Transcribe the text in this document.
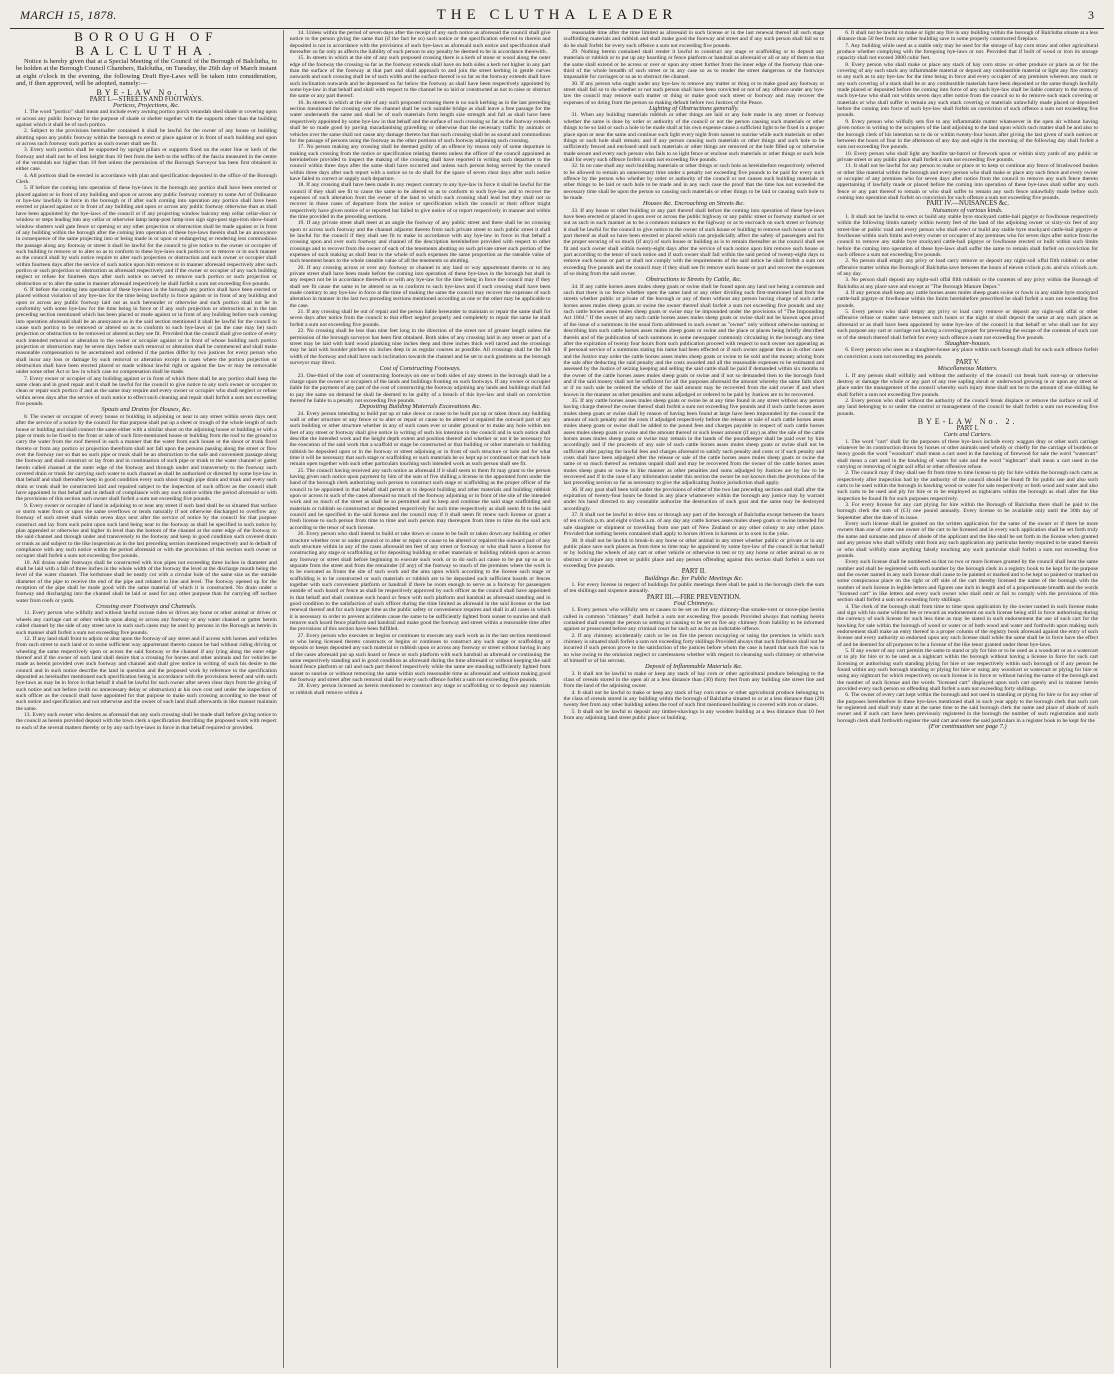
MARCH 15, 1878.	THE CLUTHA LEADER	3

BOROUGH OF BALCLUTHA.

Notice is hereby given that at a Special Meeting of the Council of the Borough of Balclutha, to be holden at the Borough Council Chambers, Balclutha, on Tuesday, the 26th day of March instant at eight o'clock in the evening, the following Draft Bye-Laws will be taken into consideration, and, if then approved, will be adopted, namely:—

BYE-LAW No. 1.

PART I.—STREETS AND FOOTWAYS.

Porticos, Projections, &c.

1. The word "portico" shall mean and include every awning portico porch verandah shed shade or covering upon or across any public footway for the purpose of shade or shelter together with the supports other than the building against which it shall be of such portico.

2. Subject to the provisions hereinafter contained it shall be lawful for the owner of any house or building abutting upon any public footway within the borough to erect or place against or in front of such building and upon or across such footway such portico as such owner shall see fit.

3. Every such portico shall be supported by upright pillars or supports fixed on the outer line or kerb of the footway and shall not be of less height than 10 feet from the kerb to the soffits of the fascia measured in the centre of the verandah nor higher than 10 feet unless the permission of the Borough Surveyor has been first obtained in either case.

4. All porticos shall be erected in accordance with plan and specification deposited in the office of the Borough Clerk.

5. If before the coming into operation of these bye-laws in the borough any portico shall have been erected or placed against or in front of any building and upon or across any public footway contrary to some Act of Ordinance or bye-law lawfully in force in the borough or if after such coming into operation any portico shall have been erected or placed against or in front of any building and upon or across any public footway otherwise than as shall have been appointed by the bye-laws of the council or if any projecting window balcony step cellar cellar-door or window or steps leading into any cellar or otherwise lamp lamp-post lamp-iron sign sign-post sign-iron show-board window shutters wall gate fence or opening or any other projection or obstruction shall be made against or in front of any building within the borough after the coming into operation of these bye-laws therein shall be an annoyance in consequence of the same projecting into or being made in or upon or endangering or rendering less commodious the passage along any footway or street it shall be lawful for the council to give notice to the owner or occupier of such building to remove or to alter so as to conform to these bye-laws such portico or to remove or in such manner as the council shall by such notice require to alter such projection or obstruction and such owner or occupier shall within fourteen days after the service of such notice upon him remove or in manner aforesaid respectively alter such portico or such projection or obstruction as aforesaid respectively and if the owner or occupier of any such building neglect or refuse for fourteen days after such notice so served to remove such portico or such projection or obstruction or to alter the same in manner aforesaid respectively he shall forfeit a sum not exceeding five pounds.

6. If before the coming into operation of these bye-laws in the borough any portico shall have been erected or placed without violation of any bye-law for the time being lawfully in force against or in front of any building and upon or across any public footway laid out as such hereunder or otherwise and such portico shall not be in conformity with some bye-law for the time being in force or if any such projection or obstruction as in the last preceding section mentioned which has been placed or made against or in front of any building before such coming into operation aforesaid shall be an annoyance as in the said section mentioned it shall be lawful for the council to cause such portico to be removed or altered so as to conform to such bye-laws or (as the case may be) such projection or obstruction to be removed or altered as they see fit. Provided that the council shall give notice of every such intended removal or alteration to the owner or occupier against or in front of whose building such portico projection or obstruction may be seven days before such removal or alteration shall be commenced and shall make reasonable compensation to be ascertained and ordered if the parties differ by two justices for every person who shall incur any loss or damage by such removal or alteration except in cases where the portico projection or obstruction shall have been erected placed or made without lawful right or against the law or may be removable under some other Act or law in which case no compensation shall be made.

7. Every owner or occupier of any building against or in front of which there shall be any portico shall keep the same clean and in good repair and it shall be lawful for the council to give notice to any such owner or occupier to clean or repair such portico if and as the same may require and every owner or occupier who shall neglect or refuse within seven days after the service of such notice to effect such cleaning and repair shall forfeit a sum not exceeding five pounds.

Spouts and Drains for Houses, &c.

8. The owner or occupier of every house or building in adjoining or near to any street within seven days next after the service of a notice by the council for that purpose shall put up a sheet or trough of the whole length of such house or building and shall connect the same either with a similar shoot on the adjoining house or building or with a pipe or trunk to be fixed to the front or side of such first-mentioned house or building from the roof to the ground to carry the water from the roof thereof in such a manner that the water from such house or the shoot or trunk fixed thereto or from any portico or projection therefrom shall not fall upon the persons passing along the street or flow over the footway nor so that no such pipe or trunk shall be an obstruction to the safe and convenient passage along the footway and shall construct or lay from and in continuation of such pipe or trunk to the water channel or gutter herein called channel at the outer edge of the footway and through under and transversely to the footway such covered drain or trunk for carrying such water to such channel as shall be authorised or directed by some bye-law in that behalf and shall thereafter keep in good condition every such shoot trough pipe drain and trunk and every such drain or trunk shall be constructed laid and repaired subject to the inspection of such officer as the council shall have appointed in that behalf and in default of compliance with any such notice within the period aforesaid or with the provisions of this section such owner shall forfeit a sum not exceeding five pounds.

9. Every owner or occupier of land in adjoining to or near any street if such land shall be so situated that surface or storm water from or upon the same overflows or tends naturally if not otherwise discharged to overflow any footway of such street shall within seven days next after the service of notice by the council for that purpose construct and lay from such point upon such land being near to the footway as shall be specified in such notice by plan appended or otherwise and higher in level than the bottom of the channel at the outer edge of the footway to the said channel and through under and transversely to the footway and keep in good condition such covered drain or trunk as and subject to the like inspection as in the last preceding section mentioned respectively and in default of compliance with any such notice within the period aforesaid or with the provisions of this section such owner or occupier shall forfeit a sum not exceeding five pounds.

10. All drains under footways shall be constructed with iron pipes not exceeding three inches in diameter and shall be laid with a fall of three inches in the whole width of the footway the level at the discharge mouth being the level of the water channel. The kerbstone shall be neatly cut with a circular hole of the same size as the outside diameter of the pipe to receive the end of the pipe and rebated to line and level. The footway opened up for the reception of the pipe shall be made good with the same material of which it is constructed. No drain under a footway and discharging into the channel shall be laid or used for any other purpose than for carrying off surface water from roofs or yards.

Crossing over Footways and Channels.

11. Every person who wilfully and without lawful excuse rides or drives any horse or other animal or drives or wheels any carriage cart or other vehicle upon along or across any footway or any water channel or gutter herein called channel by the side of any street save in such such cases may be used by persons in the Borough as herein in such manner shall forfeit a sum not exceeding five pounds.

12. If any land shall front to adjoin or abut upon the footway of any street and if access with horses and vehicles from such street to such land or to some sufficient way appurtenant thereto cannot be had without riding driving or wheeling the same respectively upon or across the said footway or the channel if any lying along the outer edge thereof and if the owner of such land shall desire that a crossing for horses and other animals and for vehicles be made as herein provided over such footway and channel and shall give notice in writing of such his desire to the council and in such notice describe the land in question and the proposed work by reference to the specification deposited as hereinafter mentioned such specification being in accordance with the provisions hereof and with such bye-laws as may be in force in that behalf it shall be lawful for such owner after seven clear days from the giving of such notice and not before (with no unnecessary delay or obstruction) at his own cost and under the inspection of such officer as the council shall have appointed for that purpose to make such crossing according to the tenor of such notice and specification and not otherwise and the owner of such land shall afterwards in like manner maintain the same.

13. Every such owner who desires as aforesaid that any such crossing shall be made shall before giving notice to the council as herein provided deposit with the town clerk a specification describing the proposed work with respect to each of the several matters thereby or by any such bye-laws in force in that behalf required or provided.

14. Unless within the period of seven days after the receipt of any such notice as aforesaid the council shall give notice to the person giving the same that (if the fact be so) such notice or the specification referred to therein and deposited is not in accordance with the provisions of such bye-laws as aforesaid such notice and specification shall thereafter so far only as affects the liability of such person to any penalty be deemed to be in accordance therewith.

15. In streets in which at the site of any such proposed crossing there is a kerb of stone or wood along the outer edge of the footway the crossing so far as the footway extends shall have on both sides a kerb not higher in any part than the surface of the footway at that part and shall approach to and join the street kerbing in gentle curves outwards and such crossing shall be of such width and the surface thereof is so far as the footway extends shall have such inclination outwards and be depressed so far below the footway as shall have been respectively appointed by some bye-law in that behalf and shall with respect to the channel be so laid or constructed as not to raise or obstruct the same or any part thereof.

16. In streets in which at the site of any such proposed crossing there is no such kerbing as in the last preceding section mentioned the crossing over the channel shall be such suitable bridge as shall leave a free passage for the water underneath the same and shall be of such materials form length size strength and fall as shall have been respectively appointed by some bye-law in that behalf and the surface of such crossing so far as the footway extends shall be so made good by paving macadamising gravelling or otherwise that the necessary traffic by animals or vehicles over the same shall not cause any damage thereto but that such crossing shall be as sound and commodious for the passage of persons using the footway as the other portions of such footway adjoining such crossing.

17. No person making any crossing shall be deemed guilty of an offence by reason only of some departure in making such crossing from the notice or specification relating thereto unless the officer of the council appointed as hereinbefore provided to inspect the making of the crossing shall have reported in writing such departure to the council within three days after the same shall have occurred and unless such person being served by the council within three days after such report with a notice so to do shall for the space of seven clear days after such notice have failed to correct or supply such departure.

18. If any crossing shall have been made in any respect contrary to any bye-law in force it shall be lawful for the council if they shall see fit to cause the same to be altered so as to conform to such bye-law and to recover the expenses of such alteration from the owner of the land to which such crossing shall lead but they shall not so recover in those cases of departure from the notice or specification which the council or their officer might respectively have given notice of or reported but failed to give notice of or report respectively in manner and within the time provided in the preceding sections.

19. If any private street shall meet at an angle the footway of any public street and there shall be no crossing upon or across such footway and the channel adjacent thereto from such private street to such public street it shall be lawful for the council if they shall see fit to make in accordance with any bye-law in force in that behalf a crossing upon and over such footway and channel of the description hereinbefore provided with respect to other crossings and to recover from the owner of each of the tenements abutting on such private street such portion of the expenses of such making as shall bear to the whole of such expenses the same proportion as the rateable value of such tenement bears to the whole rateable value of all the tenements so abutting.

20. If any crossing across or over any footway or channel to any land or way appurtenant thereto or to any private street shall have been made before the coming into operation of these bye-laws in the borough but shall in any respect not be in accordance therewith or with any bye-law for the time being in force the council may if they shall see fit cause the same to be altered so as to conform to such bye-laws and if such crossing shall have been made contrary to any bye-law in force at the time of making the same the council may recover the expenses of such alteration in manner in the last two preceding sections mentioned according as one or the other may be applicable to the case.

21. If any crossing shall be out of repair and the person liable hereunder to maintain or repair the same shall for seven days after notice from the council to that effect neglect properly and completely to repair the same he shall forfeit a sum not exceeding five pounds.

22. No crossing shall be less than nine feet long in the direction of the street nor of greater length unless the permission of the borough surveyor has been first obtained. Both sides of any crossing laid in any street or part of a street may be laid with hard wood planking nine inches deep and three inches thick well tarred and the crossings may be laid with boulder pitchers six inches deep in as regular courses as possible. All crossings shall be the full width of the footway and shall have such inclination towards the channel and be set to such gradients as the borough surveyor may direct.

Cost of Constructing Footways.

23. One-third of the cost of constructing footways on one or both sides of any streets in the borough shall be a charge upon the owners or occupiers of the lands and buildings fronting on such footways. If any owner or occupier liable for the payment of any part of the cost of constructing the footway adjoining any lands and buildings shall fail to pay the same on demand he shall be deemed to be guilty of a breach of this bye-law and shall on conviction thereof be liable to a penalty not exceeding five pounds.

Depositing Building Materials Excavations &c.

24. Every person intending to build put up or take down or cause to be built put up or taken down any building wall or other structure or any fence or to alter or repair or cause to be altered or repaired the outward part of any such building or other structure whether in any of such cases ever or under ground or to make any hole within ten feet of any street or footway shall give notice in writing of such his intention to the council and in such notice shall describe the intended work and the height depth extent and position thereof and whether or not it be necessary for the execution of the said work that a scaffold or stage be constructed or that building or other materials or building rubbish be deposited upon or in the footway or street adjoining or in front of such structure or hole and for what time it will be necessary that such stage or scaffolding or such materials be so kept up or continued or that such hole remain open together with such other particulars touching such intended work as such person shall see fit.

25. The council having received any such notice as aforesaid if it shall seem to them fit may grant to the person having given such notice upon payment by him of the sum of five shilling a license in the appointed form under the hand of the borough clerk authorizing such person to construct such stage or scaffolding as the proper officer of the council to be appointed in that behalf shall permit or to deposit building and other materials and building rubbish upon or across in such of the cases aforesaid so much of the footway adjoining or in front of the site of the intended work and so much of the street as shall be so permitted and to keep and continue the said stage scaffolding and materials or rubbish so constructed or deposited respectively for such time respectively as shall seem fit to the said council and be specified in the said license and the council may if it shall seem fit renew such license or grant a fresh license to such person from time to time and such person may thereupon from time to time do the said acts according to the tenor of such license.

26. Every person who shall intend to build or take down or cause to be built or taken down any building or other structure whether over or under ground or to alter or repair or cause to be altered or repaired the outward part of any such structure within in any of the cases aforesaid ten feet of any street or footway or who shall have a license for constructing any stage or scaffolding or for depositing building or other materials or building rubbish upon or across any footway or street shall before beginning to execute such work or to do such act cause to be put up so as to separate from the street and from the remainder (if any) of the footway so much of the premises where the work is to be executed as fronts the site of such work and the area upon which according to the license such stage or scaffolding is to be constructed or such materials or rubbish are to be deposited such sufficient boards or fences together with such convenient platform or handrail if there be room enough to serve as a footway for passengers outside of such hoard or fence as shall be respectively approved by such officer as the council shall have appointed in that behalf and shall continue such hoard or fence with such platform and handrail as aforesaid standing and in good condition to the satisfaction of such officer during the time limited as aforesaid in the said license or the last renewal thereof and for such longer time as the public safety or convenience requires and shall in all cases in which it is necessary in order to prevent accidents cause the same to be sufficiently lighted from sunset to sunrise and shall remove such hoard fence platform and handrail and make good the footway and street within a reasonable time after the provisions of this section have been fulfilled.

27. Every person who executes or begins or continues to execute any such work as in the last section mentioned or who being licensed thereto constructs or begins or continues to construct any such stage or scaffolding or deposits or keeps deposited any such material or rubbish upon or across any footway or street without having in any of the cases aforesaid put up such hoard or fence or such platform with such handrail as aforesaid or continuing the same respectively standing and in good condition as aforesaid during the time aforesaid or without keeping the said hoard fence platform or rail and such part thereof respectively while the same are standing sufficiently lighted from sunset to sunrise or without removing the same within such reasonable time as aforesaid and without making good the footway and street after such removal shall for every such offence forfeit a sum not exceeding five pounds.

28. Every person licensed as herein mentioned to construct any stage or scaffolding or to deposit any materials or rubbish shall remove within a

reasonable time after the time limited as aforesaid in such license or in the last renewal thereof all such stage scaffolding materials and rubbish and shall make good the footway and street and if any such person shall fail so to do he shall forfeit for every such offence a sum not exceeding five pounds.

29. Nothing herein contained shall render it lawful to construct any stage or scaffolding or to deposit any materials or rubbish or to put up any hoarding or fence platform or handrail as aforesaid or all or any of them so that the same shall extend or be across or over or upon any street further from the inner edge of the footway than one-third of the whole breadth of such street or in any case so as to render the street dangerous or the footways impassable for carriages or so as to obstruct the channel.

30. If any person who ought under any bye-law to remove any matter or thing or to make good any footway or street shall fail so to do whether or not such person shall have been convicted or not of any offence under any bye-law the council may remove such matter or thing or make good such street or footway and may recover the expenses of so doing from the person so making default before two Justices of the Peace.

Lighting of Obstructions generally.

31. When any building materials rubbish or other things are laid or any hole made in any street or footway whether the same is done by order or authority of the council or not the person causing such materials or other things to be so laid or such a hole to be made shall at his own expense cause a sufficient light to be fixed in a proper place upon or near the same and continue such light every night from sunset to sunrise while such materials or other things or such hole shall remain; and if any person causing such materials or other things and such hole to be sufficiently fenced and enclosed until such materials or other things are removed or the hole filled up or otherwise made secure and every such person who fails to so light fence or enclose such materials or other things or such hole shall for every such offence forfeit a sum not exceeding five pounds.

32. In no case shall any such building materials or other things or such hole as hereinbefore respectively referred to be allowed to remain an unnecessary time under a penalty not exceeding five pounds to be paid for every such offence by the person who whether by order or authority of the council or not causes such building materials or other things to be laid or such hole to be made and in any such case the proof that the time has not exceeded the necessary time shall be upon the person so causing such materials or other things to be laid or causing such hole to be made.

Houses &c. Encroaching on Streets &c.

33. If any house or other building or any part thereof shall before the coming into operation of these bye-laws have been erected or placed in upon over or across the public highway or any public street or footway marked or set out as such in such manner as to be a common nuisance to the highway or as to encroach on such street or footway it shall be lawful for the council to give notice to the owner of such house or building to remove such house or such part thereof as shall so have been erected or placed which can prejudicially affect the safety of passengers and for the proper securing of so much (if any) of such house or building as is to remain thereafter as the council shall see fit and such owner shall within twenty-eight days after the service of such notice upon him remove such house or part according to the tenor of such notice and if such owner shall fail within the said period of twenty-eight days to remove such house or part or shall not comply with the requirements of the said notice he shall forfeit a sum not exceeding five pounds and the council may if they shall see fit remove such house or part and recover the expenses of so doing from the said owner.

Obstructions to Streets by Cattle, &c.

34. If any cattle horses asses mules sheep goats or swine shall be found upon any land not being a common and such that there is no fence whether open the same land or any other dividing such first-mentioned land from the streets whether public or private of the borough or any of them without any person having charge of such cattle horses asses mules sheep goats or swine the owner thereof shall forfeit a sum not exceeding five pounds and any such cattle horses asses mules sheep goats or swine may be impounded under the provisions of "The Impounding Act 1864." If the owner of any such cattle horses asses mules sheep goats or swine shall not be known upon proof of the issue of a summons in the usual form addressed to such owner as "owner" only without otherwise naming or describing him such cattle horses asses mules sheep goats or swine and the place or places being briefly described therein and of the publication of such summons in some newspaper commonly circulating in the borough any time after the expiration of twenty four hours from such publication proceed with respect to such owner not appearing as if personal service of a summons stating his name had been effected or if such owner appear then as in other cases and the Justice may order the cattle horses asses mules sheep goats or swine to be sold and the money arising from the sale after deducting the said penalty and the costs awarded and all the reasonable expenses to be estimated and assessed by the Justice of seizing keeping and selling the said cattle shall be paid if demanded within six months to the owner of the cattle horses asses mules sheep goats or swine and if not so demanded then to the borough fund and if the said money shall not be sufficient for all the purposes aforesaid the amount whereby the same falls short or if no such sale be ordered the whole of the said amount may be recovered from the said owner if and when known in the manner as other penalties and sums adjudged or ordered to be paid by Justices are to be recovered.

35. If any cattle horses asses mules sheep goats or swine be at any time found in any street without any person having charge thereof the owner thereof shall forfeit a sum not exceeding five pounds and if such cattle horses asses mules sheep goats or swine shall by reason of having been found at large have been impounded by the council the amount of such penalty and the costs if adjudged respectively before the release or sale of such cattle horses asses mules sheep goats or swine shall be added to the pound fees and charges payable in respect of such cattle horses asses mules sheep goats or swine and the amount thereof or such lesser amount (if any) as after the sale of the cattle horses asses mules sheep goats or swine may remain in the hands of the poundkeeper shall be paid over by him accordingly and if the proceeds of any sale of such cattle horses asses mules sheep goats or swine shall not be sufficient after paying the lawful fees and charges aforesaid to satisfy such penalty and costs or if such penalty and costs shall have been adjudged after the release or sale of the cattle horses asses mules sheep goats or swine the same or so much thereof as remains unpaid shall and may be recovered from the owner of the cattle horses asses mules sheep goats or swine in like manner as other penalties and sums adjudged by Justices are by law to be recovered and if in the case of any information under this section the owner be not known then the provisions of the last preceding section so far as necessary to give the adjudicating Justice jurisdiction shall apply.

36. If any goat shall been told under the provisions of either of the two last preceding sections and shall after the expiration of twenty-four hours be found in any place whatsoever within the borough any justice may by warrant under his hand directed to any constable authorize the destruction of such goat and the same may be destroyed accordingly.

37. It shall not be lawful to drive into or through any part of the borough of Balclutha except between the hours of ten o'clock p.m. and eight o'clock a.m. of any day any cattle horses asses mules sheep goats or swine intended for sale slaughter or shipment or travelling from one part of New Zealand or any other colony to any other place. Provided that nothing herein contained shall apply to horses driven in harness or to oxen in the yoke.

38. It shall not be lawful to break-in any horse or other animal in any street whether public or private or in any public place save such places as from time to time may be appointed by some bye-law of the council in that behalf or by locking the wheels of any cart or other vehicle or otherwise to test or try any horse or other animal so as to obstruct or injure any street or public place and any person offending against this section shall forfeit a sum not exceeding five pounds.

PART II.

Buildings &c. for Public Meetings &c.

1. For every license in respect of buildings for public meetings there shall be paid to the borough clerk the sum of ten shillings and sixpence annually.

PART III.—FIRE PREVENTION.

Foul Chimneys.

1. Every person who wilfully sets or causes to be set on fire any chimney-flue smoke-vent or stove-pipe herein called in common "chimney" shall forfeit a sum not exceeding five pounds Provided always that nothing herein contained shall exempt the person so setting or causing to be set on fire any chimney from liability to be informed against or prosecuted before any criminal court for such act as for an indictable offence.

2. If any chimney accidentally catch or be on fire the person occupying or using the premises in which such chimney is situated shall forfeit a sum not exceeding forty shillings Provided always that such forfeiture shall not be incurred if such person prove to the satisfaction of the justices before whom the case is heard that such fire was in no wise owing to the omission neglect or carelessness whether with respect to cleansing such chimney or otherwise of himself or of his servant.

Deposit of Inflammable Materials &c.

3. It shall not be lawful to make or keep any stack of hay corn or other agricultural produce belonging to the class of cereals stored in the open air at a less distance than (30) thirty feet from any building site street line and from the land of the adjoining owner.

4. It shall not be lawful to make or keep any stack of hay corn straw or other agricultural produce belonging to the class of cereals stored in any building within the borough of Balclutha situated to or at a less distance than (20) twenty feet from any other building unless the roof of such first mentioned building is covered with iron or slates.

5. It shall not be lawful to deposit any timber-shavings in any wooden building at a less distance than 10 feet from any adjoining land street public place or building.

6. It shall not be lawful to make or light any fire in any building within the borough of Balclutha situate at a less distance than 50 feet from any other building save in some properly constructed fireplace.

7. Any building while used as a stable only may be used for the storage of hay corn straw and other agricultural produce whether complying with the foregoing bye-laws or not. Provided that if built of wood or iron its storage capacity shall not exceed 3000 cubic feet.

8. Every person who shall make or place any stack of hay corn straw or other produce or place as or for the covering of any such stack any inflammable material or deposit any combustible material or light any fire contrary to any such as to any bye-law for the time being in force and every occupier of any premises whereon any stack or any such covering of a stack shall be or any combustible materials have been deposited or the same though lawfully made placed or deposited before the coming into force of any such bye-law shall be liable contrary to the terms of such bye-law who shall not within seven days after notice from the council so to do remove such stack covering or materials or who shall suffer to remain any such stack covering or materials unlawfully made placed or deposited before the coming into force of such bye-law shall forfeit on conviction of such offence a sum not exceeding five pounds.

9. Every person who wilfully sets fire to any inflammable matter whatsoever in the open air without having given notice in writing to the occupiers of the land adjoining to the land upon which such matter shall be and also to the borough clerk of his intention so to do or within twenty-four hours after giving the last given of such notices or between the hours of four in the afternoon of any day and eight in the morning of the following day shall forfeit a sum not exceeding five pounds.

10. Every person who shall light any bonfire tar-barrel or firework upon or within sixty yards of any public or private street or any public place shall forfeit a sum not exceeding five pounds.

11. It shall not be lawful for any person to make or place or to keep or continue any fence of brushwood bushes or other like material within the borough and every person who shall make or place any such fence and every owner or occupier of any premises who for seven days after notice from the council to remove any such fence thereto appertaining if lawfully made or placed before the coming into operation of these bye-laws shall suffer any such fence or any part thereof to remain or who shall suffer to remain any such fence unlawfully made before such coming into operation shall forfeit on conviction for such offence a sum not exceeding five pounds.

PART IV.—NUISANCES &c.

Nuisances of various kinds.

1. It shall not be lawful to erect or build any stable byre stockyard cattle-bail pigstye or fowlhouse respectively within the following limits namely within twenty feet of the land of the adjoining owner or sixty-six feet of any street-line or public road and every person who shall erect or build any stable byre stockyard cattle-bail pigstye or fowlhouse within such limits and every owner or occupier of any premises who for seven days after notice from the council to remove any stable byre stockyard cattle-bail pigstye or fowlhouse erected or built within such limits before the coming into operation of these bye-laws shall suffer the same to remain shall forfeit on conviction for such offence a sum not exceeding five pounds.

2. No person shall empty any privy or load carry remove or deposit any night-soil offal filth rubbish or other offensive matter within the Borough of Balclutha save between the hours of eleven o'clock p.m. and six o'clock a.m. of any day.

3. No person shall deposit any night-soil offal filth rubbish or the contents of any privy within the Borough of Balclutha at any place save and except at "The Borough Manure Depot."

4. If any person shall keep any cattle horses asses mules sheep goats swine or fowls in any stable byre stockyard cattle-bail pigstye or fowlhouse within the limits hereinbefore prescribed he shall forfeit a sum not exceeding five pounds.

5. Every person who shall empty any privy or load carry remove or deposit any night-soil offal or other offensive refuse or matter save between such hours or the night or shall deposit the same at any such place as aforesaid or as shall have been appointed by some bye-law of the council in that behalf or who shall use for any such purpose any cart or carriage not having a covering proper for preventing the escape of the contents of such cart or of the stench thereof shall forfeit for every such offence a sum not exceeding five pounds.

Slaughter-houses.

6. Every person who uses as a slaughter-house any place within such borough shall for such such offence forfeit on conviction a sum not exceeding ten pounds.

PART V.

Miscellaneous Matters.

1. If any person shall wilfully and without the authority of the council cut break bark root-up or otherwise destroy or damage the whole or any part of any tree sapling shrub or underwood growing in or upon any street or place under the management of the council whereby such injury done shall not be to the amount of one shilling he shall forfeit a sum not exceeding five pounds.

2. Every person who shall without the authority of the council break displace or remove the surface or soil of any land belonging to or under the control or management of the council he shall forfeit a sum not exceeding five pounds.

BYE-LAW No. 2.

PART I.

Carts and Carters.

1. The word "cart" shall for the purposes of these bye-laws include every waggon dray or other such carriage whatever be its construction drawn by horses or other animals used wholly or chiefly for the carriage of burdens or heavy goods the word "woodcart" shall mean a cart used in the hawking of firewood for sale the word "watercart" shall mean a cart used in the hawking of water for sale and the word "nightcart" shall mean a cart used in the carrying or removing of night soil offal or other offensive refuse.

2. The council may if they shall see fit from time to time license to ply for hire within the borough such carts as respectively after inspection had by the authority of the council should be found fit for public use and also such carts to be used within the borough in hawking wood or water for sale respectively or both wood and water and also such carts to be used and ply for hire or to be employed as nightcarts within the borough as shall after the like inspection be found fit for such purposes respectively.

3. For every license for any cart plying for hire within the Borough of Balclutha there shall be paid to the borough clerk the sum of (£1) one pound annually. Every license to be available only until the 30th day of September after the date of its issue.

Every such license shall be granted on the written application for the same of the owner or if there be more owners than one of some one owner of the cart to be licensed and in every such application shall be set forth truly the name and surname and place of abode of the applicant and the like shall be set forth in the license when granted and any person who shall wilfully omit from any such application any particular hereby required to be stated therein or who shall wilfully state anything falsely touching any such particular shall forfeit a sum not exceeding five pounds.

Every such license shall be numbered so that no two or more licenses granted by the council shall bear the same number and shall be registered with such number by the borough clerk in a registry book to be kept for the purpose and the owner named in any such license shall cause to be painted or marked and to be kept so painted or marked on some conspicuous place on the right or off side of the cart thereby licensed the name of the borough with the number of such license in legible letters and figures one inch in length and of a proportionate breadth and the words "licensed cart" in like letters and every such owner who shall omit or fail to comply with the provisions of this section shall forfeit a sum not exceeding forty shillings.

4. The clerk of the borough shall from time to time upon application by the owner named in such license make and sign with his name without fee or reward an endorsement on such license being still in force authorising during the currency of such license for such less time as may be stated in such endorsement the use of such cart for the hawking for sale within the borough of wood or water or of both wood and water and forthwith upon making such endorsement shall make an entry thereof in a proper column of the registry book aforesaid against the entry of such license and every authority so endorsed upon any such license shall while the same shall be in force have the effect of and be deemed for all purposes to be a license of the like tenor granted under these bye-laws.

5. If any owner of any cart permits the same to stand or ply for hire or to be used as a woodcart or as a watercart or to ply for hire or to be used as a nightcart within the borough without having a license in force for such cart licensing or authorising such standing plying for hire or use respectively within such borough or if any person be found within any such borough standing or plying for hire or using any woodcart or watercart or plying for hire or using any nightcart for which respectively no such license is in force or without having the name of the borough and the number of such license and the words "licensed cart" displayed upon such cart openly and in manner herein provided every such person so offending shall forfeit a sum not exceeding forty shillings.

6. The owner of every cart kept within the borough and not used in standing or plying for hire or for any other of the purposes hereinbefore in these bye-laws mentioned shall in such year apply to the borough clerk that such cart be registered and shall truly state at the same time to the said borough clerk the name and place of abode of such owner and if such cart have been previously registered in the borough the number of such registration and such borough clerk shall forthwith register the said cart and enter the said particulars in a register book to be kept for the

(For continuation see page 7.)
